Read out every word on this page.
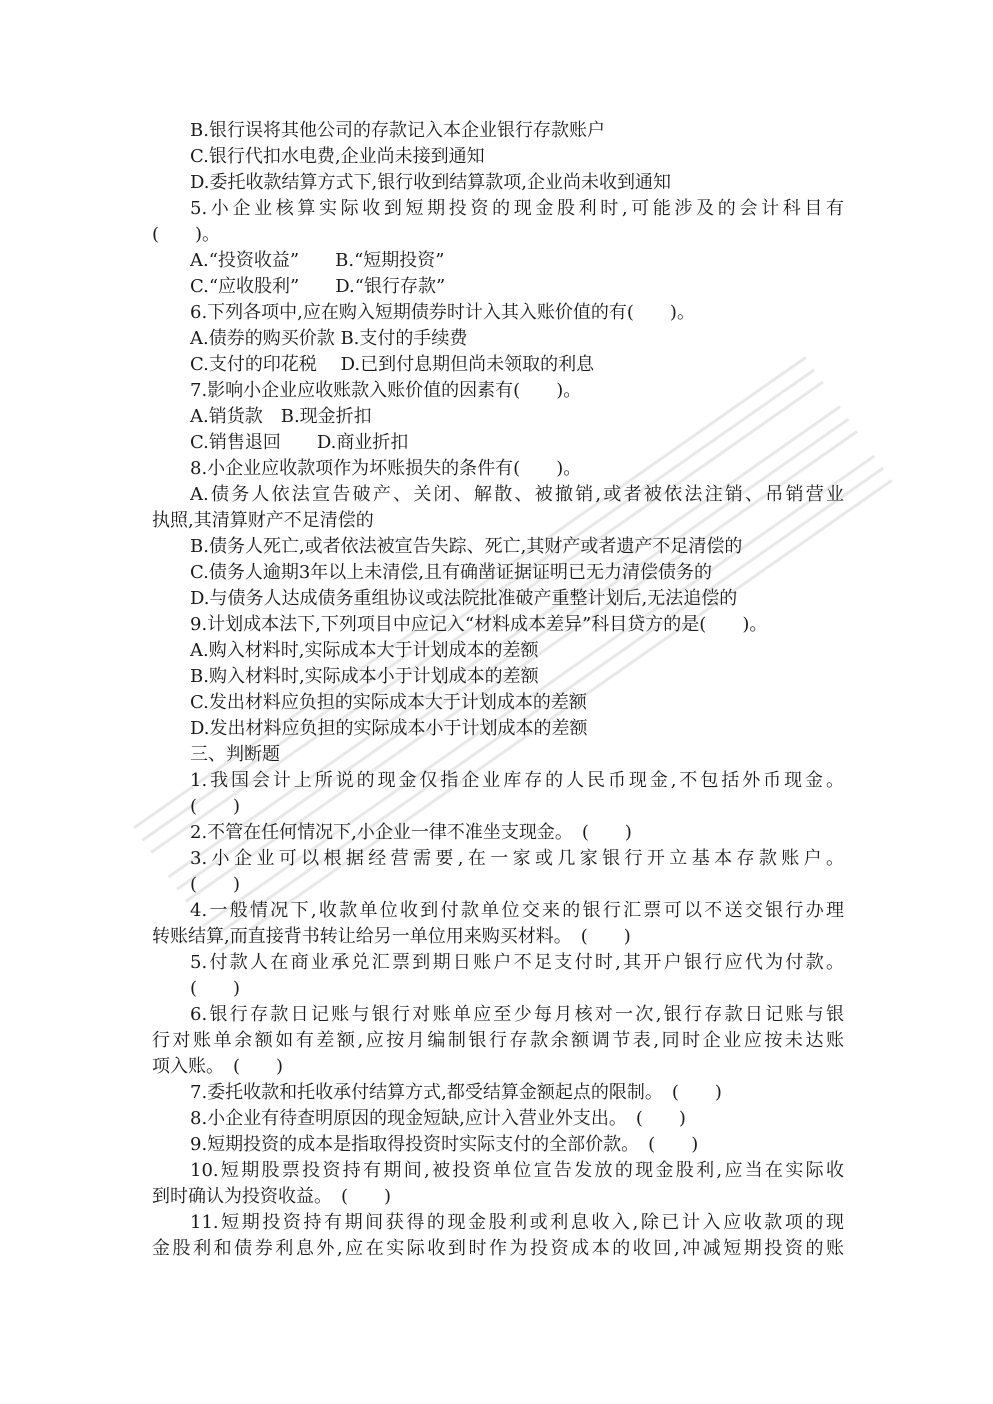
B.银行误将其他公司的存款记入本企业银行存款账户
C.银行代扣水电费,企业尚未接到通知
D.委托收款结算方式下,银行收到结算款项,企业尚未收到通知
5.小企业核算实际收到短期投资的现金股利时,可能涉及的会计科目有
(　　)。
A.“投资收益”　　B.“短期投资”
C.“应收股利”　　D.“银行存款”
6.下列各项中,应在购入短期债券时计入其入账价值的有(　　)。
A.债券的购买价款 B.支付的手续费
C.支付的印花税　 D.已到付息期但尚未领取的利息
7.影响小企业应收账款入账价值的因素有(　　)。
A.销货款　B.现金折扣
C.销售退回　　D.商业折扣
8.小企业应收款项作为坏账损失的条件有(　　)。
A.债务人依法宣告破产、关闭、解散、被撤销,或者被依法注销、吊销营业
执照,其清算财产不足清偿的
B.债务人死亡,或者依法被宣告失踪、死亡,其财产或者遗产不足清偿的
C.债务人逾期3年以上未清偿,且有确凿证据证明已无力清偿债务的
D.与债务人达成债务重组协议或法院批准破产重整计划后,无法追偿的
9.计划成本法下,下列项目中应记入“材料成本差异”科目贷方的是(　　)。
A.购入材料时,实际成本大于计划成本的差额
B.购入材料时,实际成本小于计划成本的差额
C.发出材料应负担的实际成本大于计划成本的差额
D.发出材料应负担的实际成本小于计划成本的差额
三、判断题
1.我国会计上所说的现金仅指企业库存的人民币现金,不包括外币现金。
(　　)
2.不管在任何情况下,小企业一律不准坐支现金。　(　　)
3.小企业可以根据经营需要,在一家或几家银行开立基本存款账户。
(　　)
4.一般情况下,收款单位收到付款单位交来的银行汇票可以不送交银行办理
转账结算,而直接背书转让给另一单位用来购买材料。　(　　)
5.付款人在商业承兑汇票到期日账户不足支付时,其开户银行应代为付款。
(　　)
6.银行存款日记账与银行对账单应至少每月核对一次,银行存款日记账与银
行对账单余额如有差额,应按月编制银行存款余额调节表,同时企业应按未达账
项入账。　(　　)
7.委托收款和托收承付结算方式,都受结算金额起点的限制。　(　　)
8.小企业有待查明原因的现金短缺,应计入营业外支出。　(　　)
9.短期投资的成本是指取得投资时实际支付的全部价款。　(　　)
10.短期股票投资持有期间,被投资单位宣告发放的现金股利,应当在实际收
到时确认为投资收益。　(　　)
11.短期投资持有期间获得的现金股利或利息收入,除已计入应收款项的现
金股利和债券利息外,应在实际收到时作为投资成本的收回,冲减短期投资的账
